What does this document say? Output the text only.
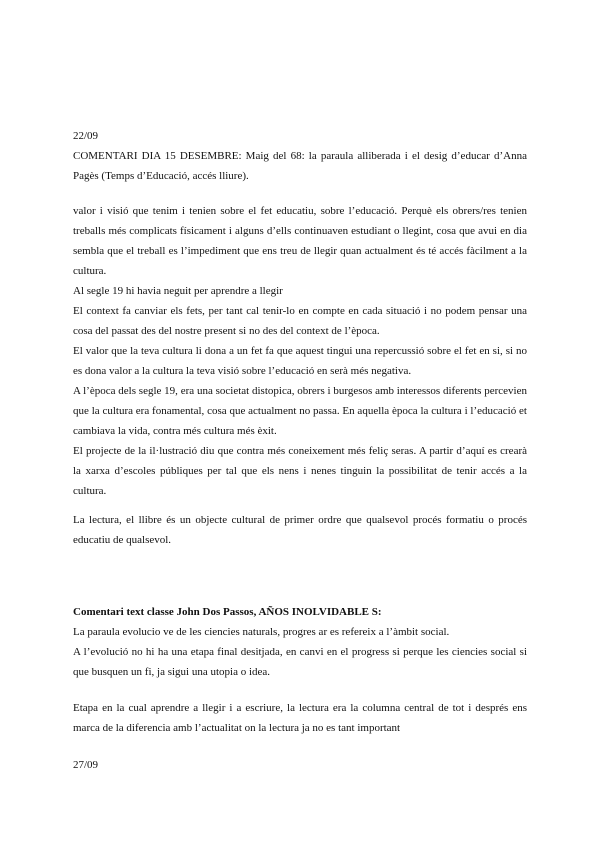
22/09

COMENTARI DIA 15 DESEMBRE: Maig del 68: la paraula alliberada i el desig d’educar d’Anna Pagès (Temps d’Educació, accés lliure).

valor i visió que tenim i tenien sobre el fet educatiu, sobre l’educació. Perquè els obrers/res tenien treballs més complicats físicament i alguns d’ells continuaven estudiant o llegint, cosa que avui en dia sembla que el treball es l’impediment que ens treu de llegir quan actualment és té accés fàcilment a la cultura.

Al segle 19 hi havia neguit per aprendre a llegir

El context fa canviar els fets, per tant cal tenir-lo en compte en cada situació i no podem pensar una cosa del passat des del nostre present si no des del context de l’època.

El valor que la teva cultura li dona a un fet fa que aquest tingui una repercussió sobre el fet en si, si no es dona valor a la cultura la teva visió sobre l’educació en serà més negativa.

A l’època dels segle 19, era una societat distopica, obrers i burgesos amb interessos diferents percevien que la cultura era fonamental, cosa que actualment no passa. En aquella època la cultura i l’educació et cambiava la vida, contra més cultura més èxit.

El projecte de la il·lustració diu que contra més coneixement més feliç seras. A partir d’aquí es crearà la xarxa d’escoles públiques per tal que els nens i nenes tinguin la possibilitat de tenir accés a la cultura.

La lectura, el llibre és un objecte cultural de primer ordre que qualsevol procés formatiu o procés educatiu de qualsevol.

Comentari text classe John Dos Passos, AÑOS INOLVIDABLE S:

La paraula evolucio ve de les ciencies naturals, progres ar es refereix a l’àmbit social.

A l’evolució no hi ha una etapa final desitjada, en canvi en el progress si perque les ciencies social si que busquen un fi, ja sigui una utopia o idea.

Etapa en la cual aprendre a llegir i a escriure, la lectura era la columna central de tot i després ens marca de la diferencia amb l’actualitat on la lectura ja no es tant important

27/09
